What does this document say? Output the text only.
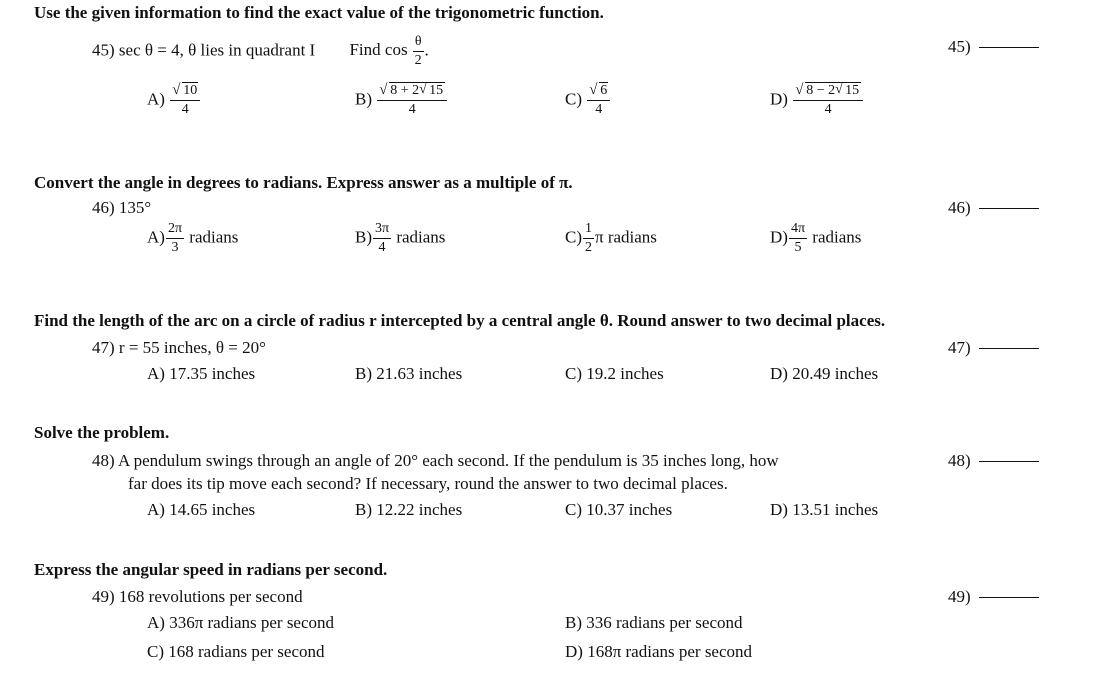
Use the given information to find the exact value of the trigonometric function.
45) sec θ = 4, θ lies in quadrant I Find $\cos \frac{\theta}{2}$ .	45)
A) √ $\frac{10}{4}$	B) √ $\frac{8 + 2 √ 15}{4}$	C) √ $\frac{6}{4}$	D) √ $\frac{8 - 2 √ 15}{4}$
Convert the angle in degrees to radians. Express answer as a multiple of π.
46) 135°	46)
$A) \frac{2\pi}{3}$ radians	$B) \frac{3\pi}{4}$ radians	$C) \frac{1}{2}$ π radians	$D) \frac{4\pi}{5}$ radians
Find the length of the arc on a circle of radius r intercepted by a central angle θ. Round answer to two decimal places.
47) r = 55 inches, θ = 20°	47)
A) 17.35 inches	B) 21.63 inches	C) 19.2 inches	D) 20.49 inches
Solve the problem.
48) A pendulum swings through an angle of 20° each second. If the pendulum is 35 inches long, how
far does its tip move each second? If necessary, round the answer to two decimal places.
48)
A) 14.65 inches	B) 12.22 inches	C) 10.37 inches	D) 13.51 inches
Express the angular speed in radians per second.
49) 168 revolutions per second	49)
A) 336π radians per second	B) 336 radians per second
C) 168 radians per second	D) 168π radians per second
